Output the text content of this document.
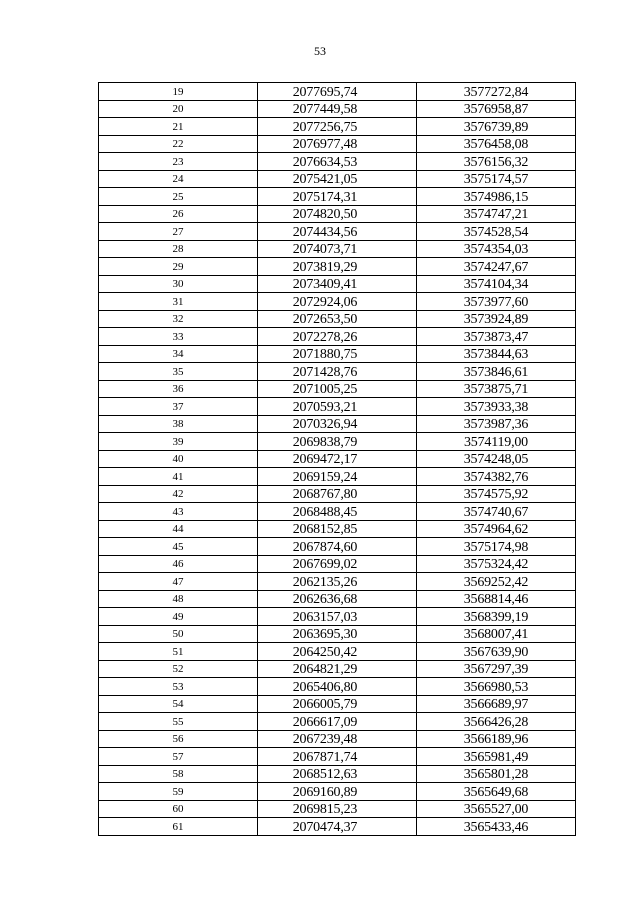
53
19	2077695,74	3577272,84
20	2077449,58	3576958,87
21	2077256,75	3576739,89
22	2076977,48	3576458,08
23	2076634,53	3576156,32
24	2075421,05	3575174,57
25	2075174,31	3574986,15
26	2074820,50	3574747,21
27	2074434,56	3574528,54
28	2074073,71	3574354,03
29	2073819,29	3574247,67
30	2073409,41	3574104,34
31	2072924,06	3573977,60
32	2072653,50	3573924,89
33	2072278,26	3573873,47
34	2071880,75	3573844,63
35	2071428,76	3573846,61
36	2071005,25	3573875,71
37	2070593,21	3573933,38
38	2070326,94	3573987,36
39	2069838,79	3574119,00
40	2069472,17	3574248,05
41	2069159,24	3574382,76
42	2068767,80	3574575,92
43	2068488,45	3574740,67
44	2068152,85	3574964,62
45	2067874,60	3575174,98
46	2067699,02	3575324,42
47	2062135,26	3569252,42
48	2062636,68	3568814,46
49	2063157,03	3568399,19
50	2063695,30	3568007,41
51	2064250,42	3567639,90
52	2064821,29	3567297,39
53	2065406,80	3566980,53
54	2066005,79	3566689,97
55	2066617,09	3566426,28
56	2067239,48	3566189,96
57	2067871,74	3565981,49
58	2068512,63	3565801,28
59	2069160,89	3565649,68
60	2069815,23	3565527,00
61	2070474,37	3565433,46
